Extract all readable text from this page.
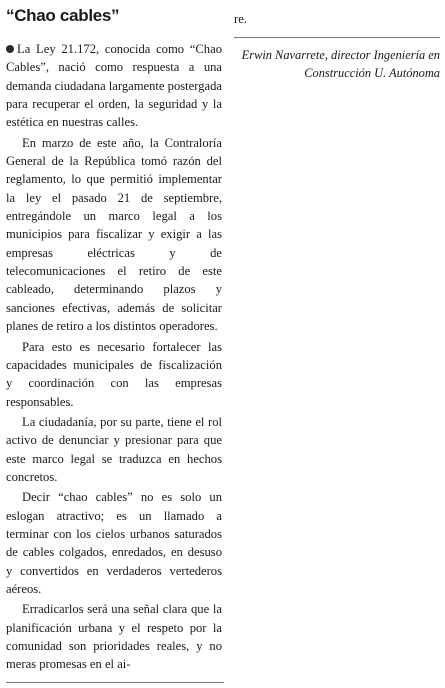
“Chao cables”

La Ley 21.172, conocida como “Chao Cables”, nació como respuesta a una demanda ciudadana largamente postergada para recuperar el orden, la seguridad y la estética en nuestras calles.

En marzo de este año, la Contraloría General de la República tomó razón del reglamento, lo que permitió implementar la ley el pasado 21 de septiembre, entregándole un marco legal a los municipios para fiscalizar y exigir a las empresas eléctricas y de telecomunicaciones el retiro de este cableado, determinando plazos y sanciones efectivas, además de solicitar planes de retiro a los distintos operadores.

Para esto es necesario fortalecer las capacidades municipales de fiscalización y coordinación con las empresas responsables.

La ciudadanía, por su parte, tiene el rol activo de denunciar y presionar para que este marco legal se traduzca en hechos concretos.

Decir “chao cables” no es solo un eslogan atractivo; es un llamado a terminar con los cielos urbanos saturados de cables colgados, enredados, en desuso y convertidos en verdaderos vertederos aéreos.

Erradicarlos será una señal clara que la planificación urbana y el respeto por la comunidad son prioridades reales, y no meras promesas en el ai-

re.
Erwin Navarrete, director Ingeniería en Construcción U. Autónoma
